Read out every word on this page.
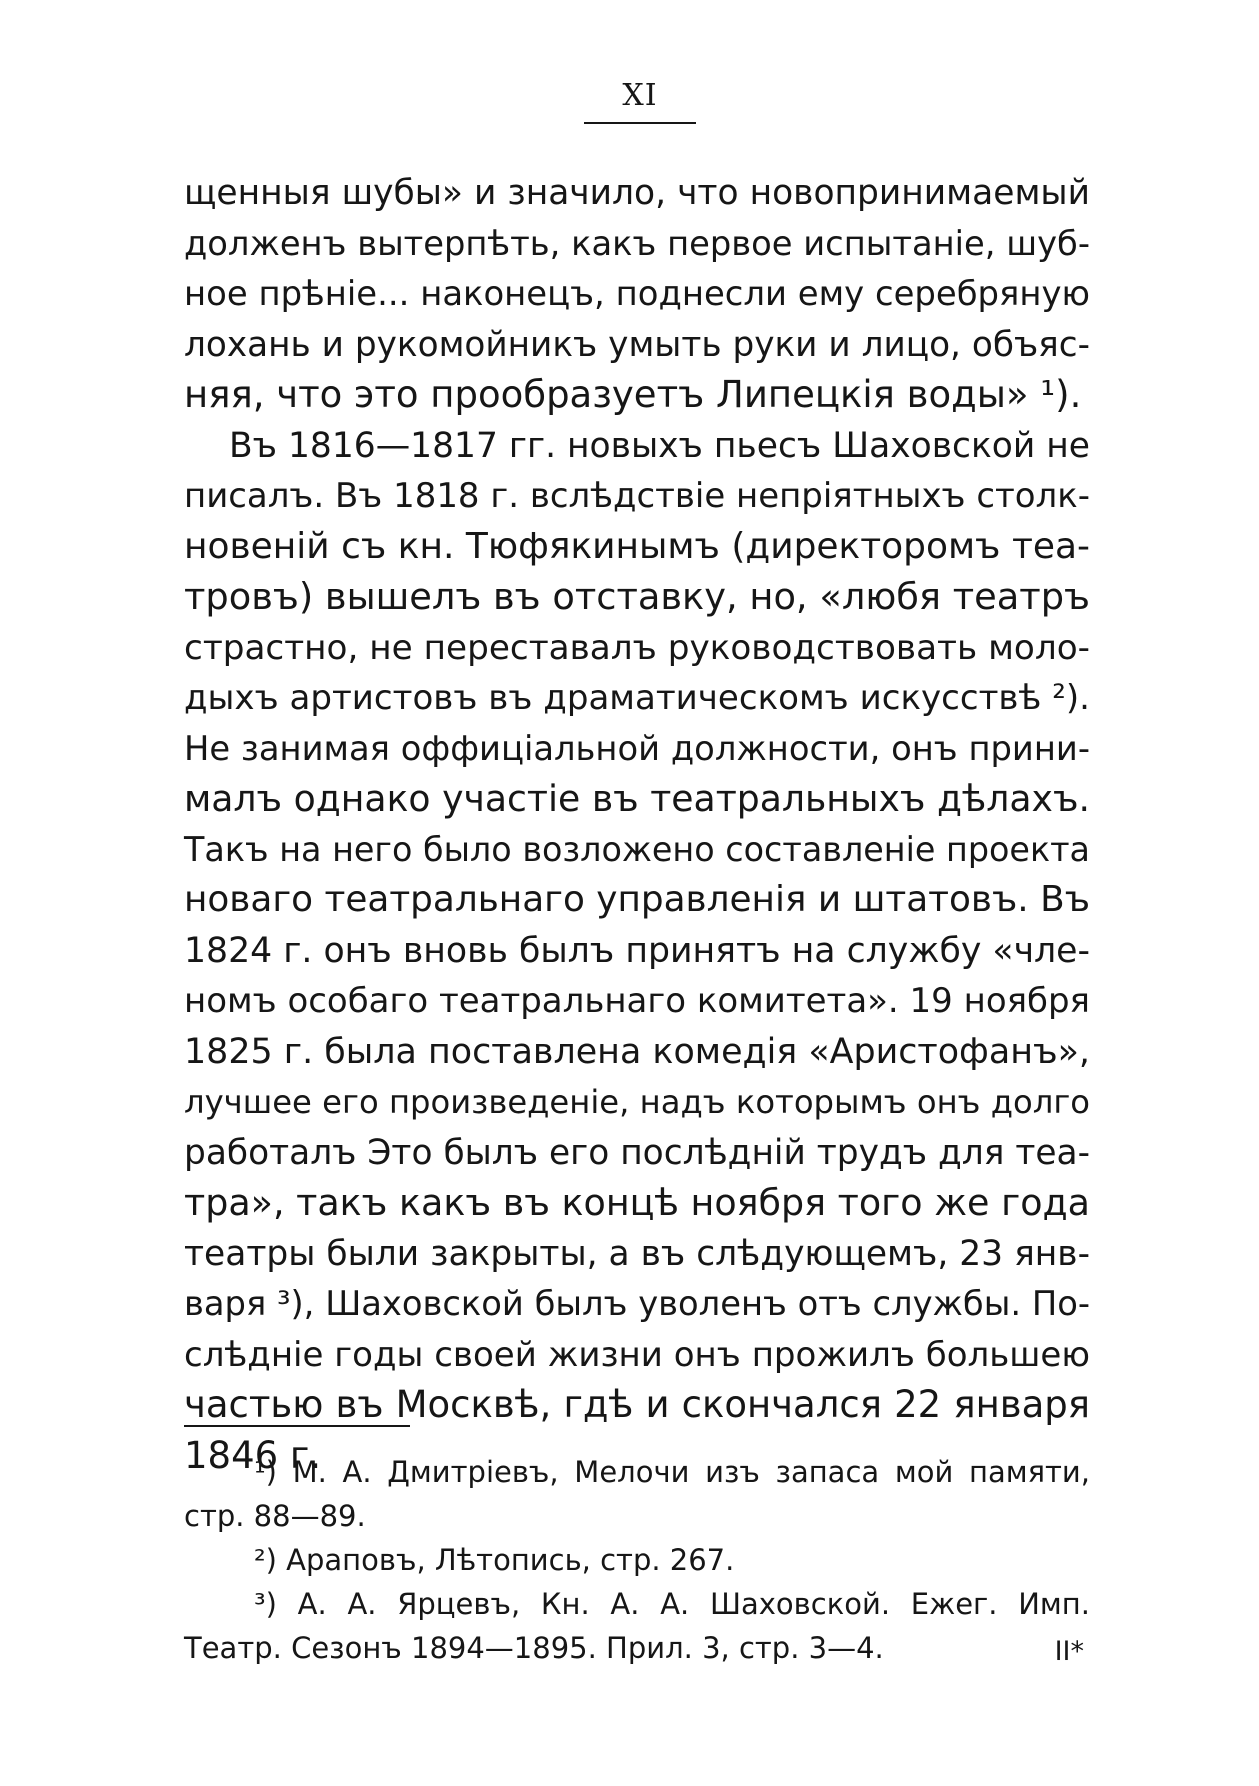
XI
щенныя шубы» и значило, что новопринимаемый
долженъ вытерпѣть, какъ первое испытаніе, шуб-
ное прѣніе... наконецъ, поднесли ему серебряную
лохань и рукомойникъ умыть руки и лицо, объяс-
няя, что это прообразуетъ Липецкія воды» ¹).
Въ 1816—1817 гг. новыхъ пьесъ Шаховской не
писалъ. Въ 1818 г. вслѣдствіе непріятныхъ столк-
новеній съ кн. Тюфякинымъ (директоромъ теа-
тровъ) вышелъ въ отставку, но, «любя театръ
страстно, не переставалъ руководствовать моло-
дыхъ артистовъ въ драматическомъ искусствѣ ²).
Не занимая оффиціальной должности, онъ прини-
малъ однако участіе въ театральныхъ дѣлахъ.
Такъ на него было возложено составленіе проекта
новаго театральнаго управленія и штатовъ. Въ
1824 г. онъ вновь былъ принятъ на службу «чле-
номъ особаго театральнаго комитета». 19 ноября
1825 г. была поставлена комедія «Аристофанъ»,
лучшее его произведеніе, надъ которымъ онъ долго
работалъ Это былъ его послѣдній трудъ для теа-
тра», такъ какъ въ концѣ ноября того же года
театры были закрыты, а въ слѣдующемъ, 23 янв-
варя ³), Шаховской былъ уволенъ отъ службы. По-
слѣдніе годы своей жизни онъ прожилъ большею
частью въ Москвѣ, гдѣ и скончался 22 января
1846 г.
¹) М. А. Дмитріевъ, Мелочи изъ запаса мой памяти,
стр. 88—89.
²) Араповъ, Лѣтопись, стр. 267.
³) А. А. Ярцевъ, Кн. А. А. Шаховской. Ежег. Имп.
Театр. Сезонъ 1894—1895. Прил. 3, стр. 3—4.	II*
